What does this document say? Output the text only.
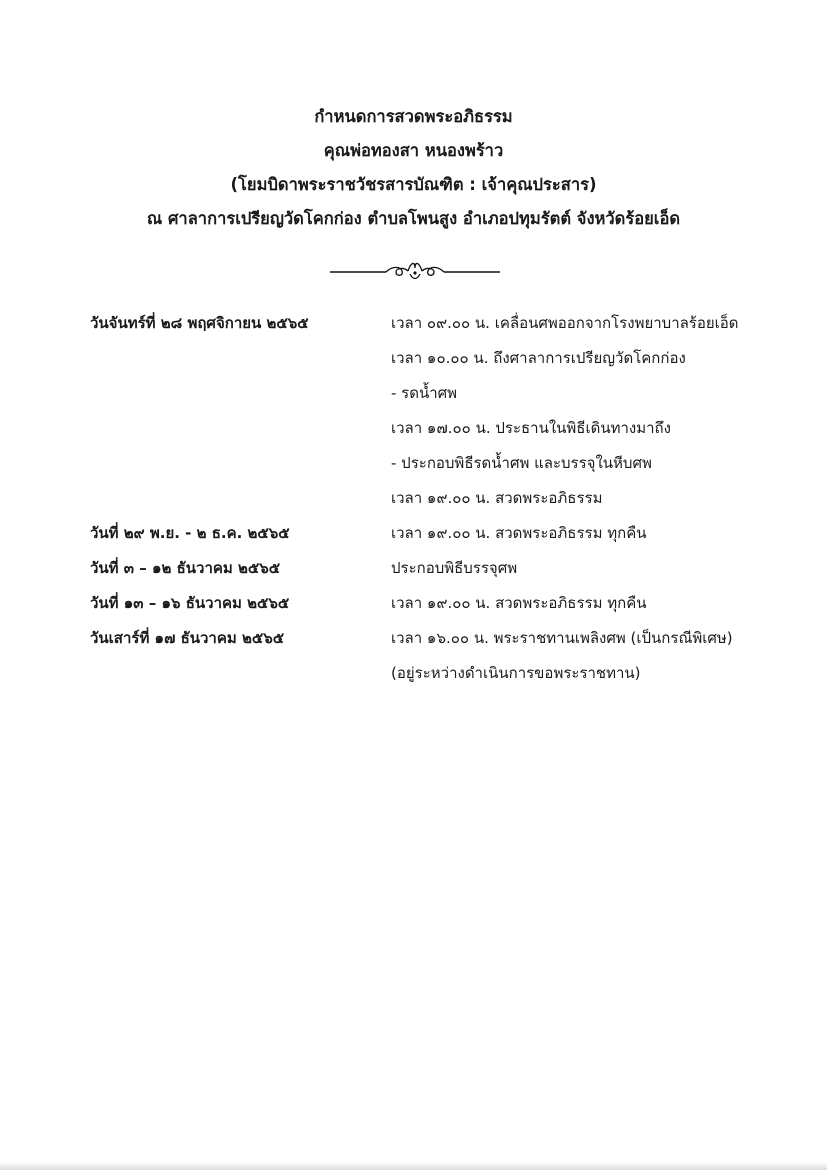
กำหนดการสวดพระอภิธรรม
คุณพ่อทองสา หนองพร้าว
(โยมบิดาพระราชวัชรสารบัณฑิต : เจ้าคุณประสาร)
ณ ศาลาการเปรียญวัดโคกก่อง ตำบลโพนสูง อำเภอปทุมรัตต์ จังหวัดร้อยเอ็ด
วันจันทร์ที่ ๒๘ พฤศจิกายน ๒๕๖๕	เวลา ๐๙.๐๐ น. เคลื่อนศพออกจากโรงพยาบาลร้อยเอ็ด
เวลา ๑๐.๐๐ น. ถึงศาลาการเปรียญวัดโคกก่อง
- รดน้ำศพ
เวลา ๑๗.๐๐ น. ประธานในพิธีเดินทางมาถึง
- ประกอบพิธีรดน้ำศพ และบรรจุในหีบศพ
เวลา ๑๙.๐๐ น. สวดพระอภิธรรม
วันที่ ๒๙ พ.ย. - ๒ ธ.ค. ๒๕๖๕	เวลา ๑๙.๐๐ น. สวดพระอภิธรรม ทุกคืน
วันที่ ๓ – ๑๒ ธันวาคม ๒๕๖๕	ประกอบพิธีบรรจุศพ
วันที่ ๑๓ – ๑๖ ธันวาคม ๒๕๖๕	เวลา ๑๙.๐๐ น. สวดพระอภิธรรม ทุกคืน
วันเสาร์ที่ ๑๗ ธันวาคม ๒๕๖๕	เวลา ๑๖.๐๐ น. พระราชทานเพลิงศพ (เป็นกรณีพิเศษ)
(อยู่ระหว่างดำเนินการขอพระราชทาน)
